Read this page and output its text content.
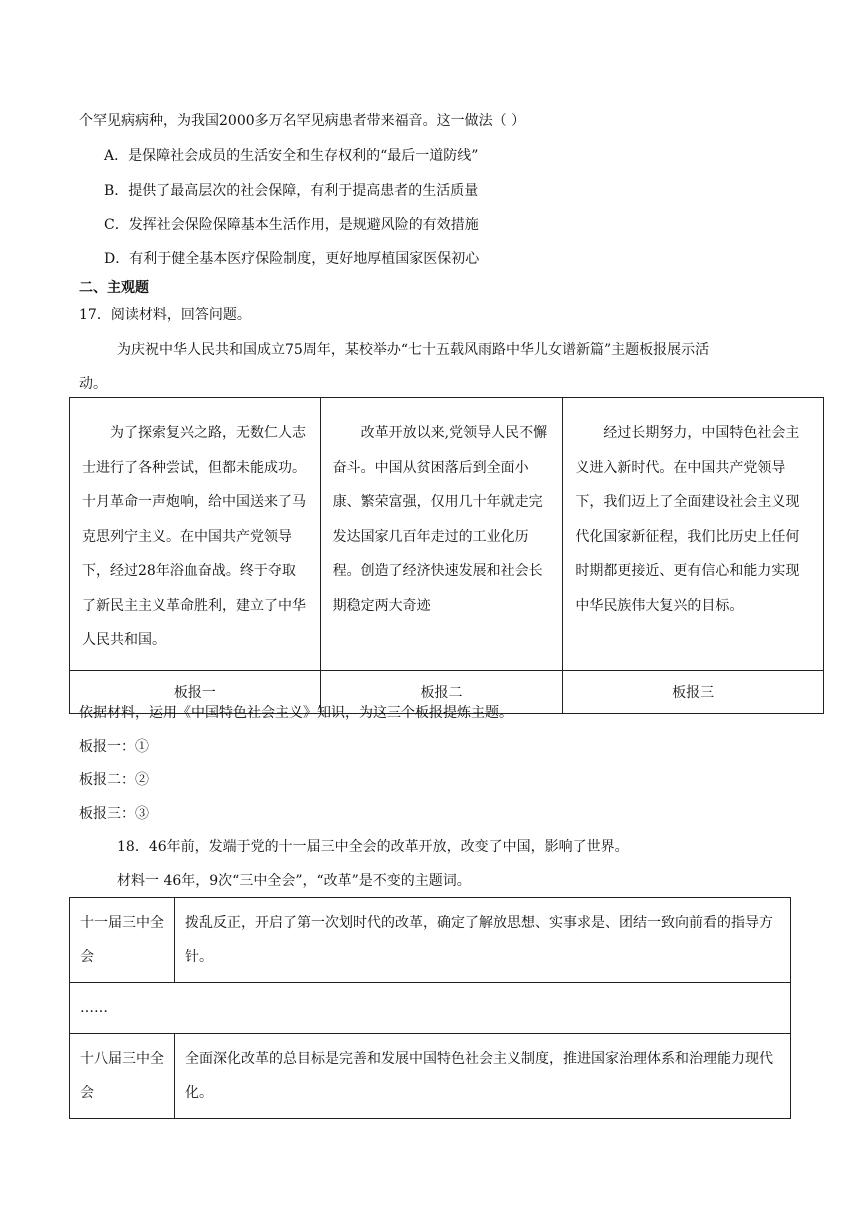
个罕见病病种，为我国2000多万名罕见病患者带来福音。这一做法（ ）
A．是保障社会成员的生活安全和生存权利的“最后一道防线”
B．提供了最高层次的社会保障，有利于提高患者的生活质量
C．发挥社会保险保障基本生活作用，是规避风险的有效措施
D．有利于健全基本医疗保险制度，更好地厚植国家医保初心
二、主观题
17．阅读材料，回答问题。
为庆祝中华人民共和国成立75周年，某校举办“七十五载风雨路中华儿女谱新篇”主题板报展示活
动。
为了探索复兴之路，无数仁人志士进行了各种尝试，但都未能成功。十月革命一声炮响，给中国送来了马克思列宁主义。在中国共产党领导下，经过28年浴血奋战。终于夺取了新民主主义革命胜利，建立了中华人民共和国。	改革开放以来,党领导人民不懈奋斗。中国从贫困落后到全面小康、繁荣富强，仅用几十年就走完发达国家几百年走过的工业化历程。创造了经济快速发展和社会长期稳定两大奇迹	经过长期努力，中国特色社会主义进入新时代。在中国共产党领导下，我们迈上了全面建设社会主义现代化国家新征程，我们比历史上任何时期都更接近、更有信心和能力实现中华民族伟大复兴的目标。
板报一	板报二	板报三
依据材料，运用《中国特色社会主义》知识，为这三个板报提炼主题。
板报一：①
板报二：②
板报三：③
18．46年前，发端于党的十一届三中全会的改革开放，改变了中国，影响了世界。
材料一 46年，9次“三中全会”，“改革”是不变的主题词。
十一届三中全会	拨乱反正，开启了第一次划时代的改革，确定了解放思想、实事求是、团结一致向前看的指导方针。
……	
十八届三中全会	全面深化改革的总目标是完善和发展中国特色社会主义制度，推进国家治理体系和治理能力现代化。
